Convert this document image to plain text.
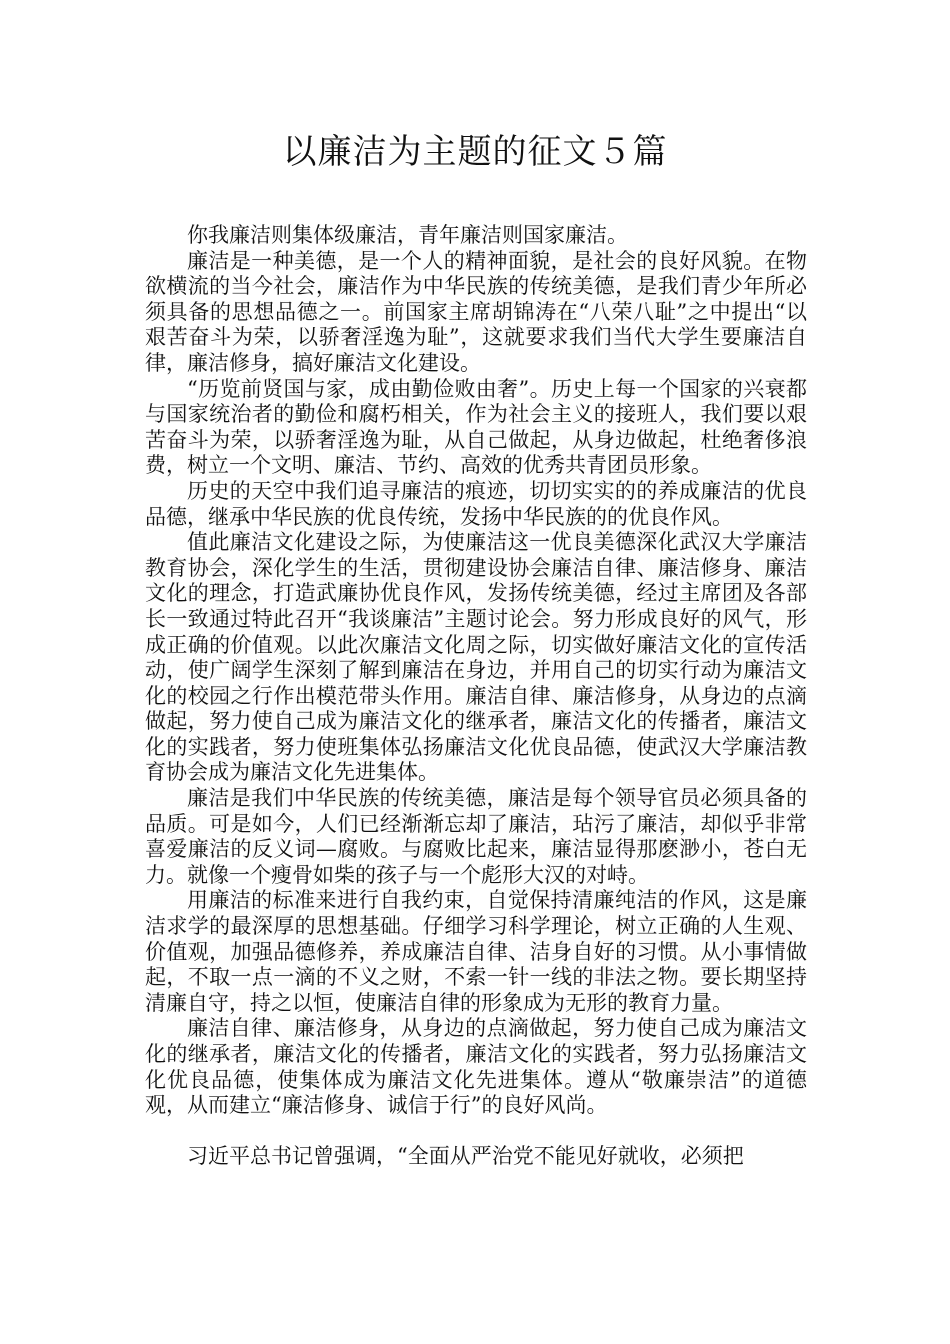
以廉洁为主题的征文５篇

你我廉洁则集体级廉洁，青年廉洁则国家廉洁。

廉洁是一种美德，是一个人的精神面貌，是社会的良好风貌。在物欲横流的当今社会，廉洁作为中华民族的传统美德，是我们青少年所必须具备的思想品德之一。前国家主席胡锦涛在“八荣八耻”之中提出“以艰苦奋斗为荣，以骄奢淫逸为耻”，这就要求我们当代大学生要廉洁自律，廉洁修身，搞好廉洁文化建设。

“历览前贤国与家，成由勤俭败由奢”。历史上每一个国家的兴衰都与国家统治者的勤俭和腐朽相关，作为社会主义的接班人，我们要以艰苦奋斗为荣，以骄奢淫逸为耻，从自己做起，从身边做起，杜绝奢侈浪费，树立一个文明、廉洁、节约、高效的优秀共青团员形象。

历史的天空中我们追寻廉洁的痕迹，切切实实的的养成廉洁的优良品德，继承中华民族的优良传统，发扬中华民族的的优良作风。

值此廉洁文化建设之际，为使廉洁这一优良美德深化武汉大学廉洁教育协会，深化学生的生活，贯彻建设协会廉洁自律、廉洁修身、廉洁文化的理念，打造武廉协优良作风，发扬传统美德，经过主席团及各部长一致通过特此召开“我谈廉洁”主题讨论会。努力形成良好的风气，形成正确的价值观。以此次廉洁文化周之际，切实做好廉洁文化的宣传活动，使广阔学生深刻了解到廉洁在身边，并用自己的切实行动为廉洁文化的校园之行作出模范带头作用。廉洁自律、廉洁修身，从身边的点滴做起，努力使自己成为廉洁文化的继承者，廉洁文化的传播者，廉洁文化的实践者，努力使班集体弘扬廉洁文化优良品德，使武汉大学廉洁教育协会成为廉洁文化先进集体。

廉洁是我们中华民族的传统美德，廉洁是每个领导官员必须具备的品质。可是如今，人们已经渐渐忘却了廉洁，玷污了廉洁，却似乎非常喜爱廉洁的反义词—腐败。与腐败比起来，廉洁显得那麽渺小，苍白无力。就像一个瘦骨如柴的孩子与一个彪形大汉的对峙。

用廉洁的标准来进行自我约束，自觉保持清廉纯洁的作风，这是廉洁求学的最深厚的思想基础。仔细学习科学理论，树立正确的人生观、价值观，加强品德修养，养成廉洁自律、洁身自好的习惯。从小事情做起，不取一点一滴的不义之财，不索一针一线的非法之物。要长期坚持清廉自守，持之以恒，使廉洁自律的形象成为无形的教育力量。

廉洁自律、廉洁修身，从身边的点滴做起，努力使自己成为廉洁文化的继承者，廉洁文化的传播者，廉洁文化的实践者，努力弘扬廉洁文化优良品德，使集体成为廉洁文化先进集体。遵从“敬廉崇洁”的道德观，从而建立“廉洁修身、诚信于行”的良好风尚。

习近平总书记曾强调，“全面从严治党不能见好就收，必须把
